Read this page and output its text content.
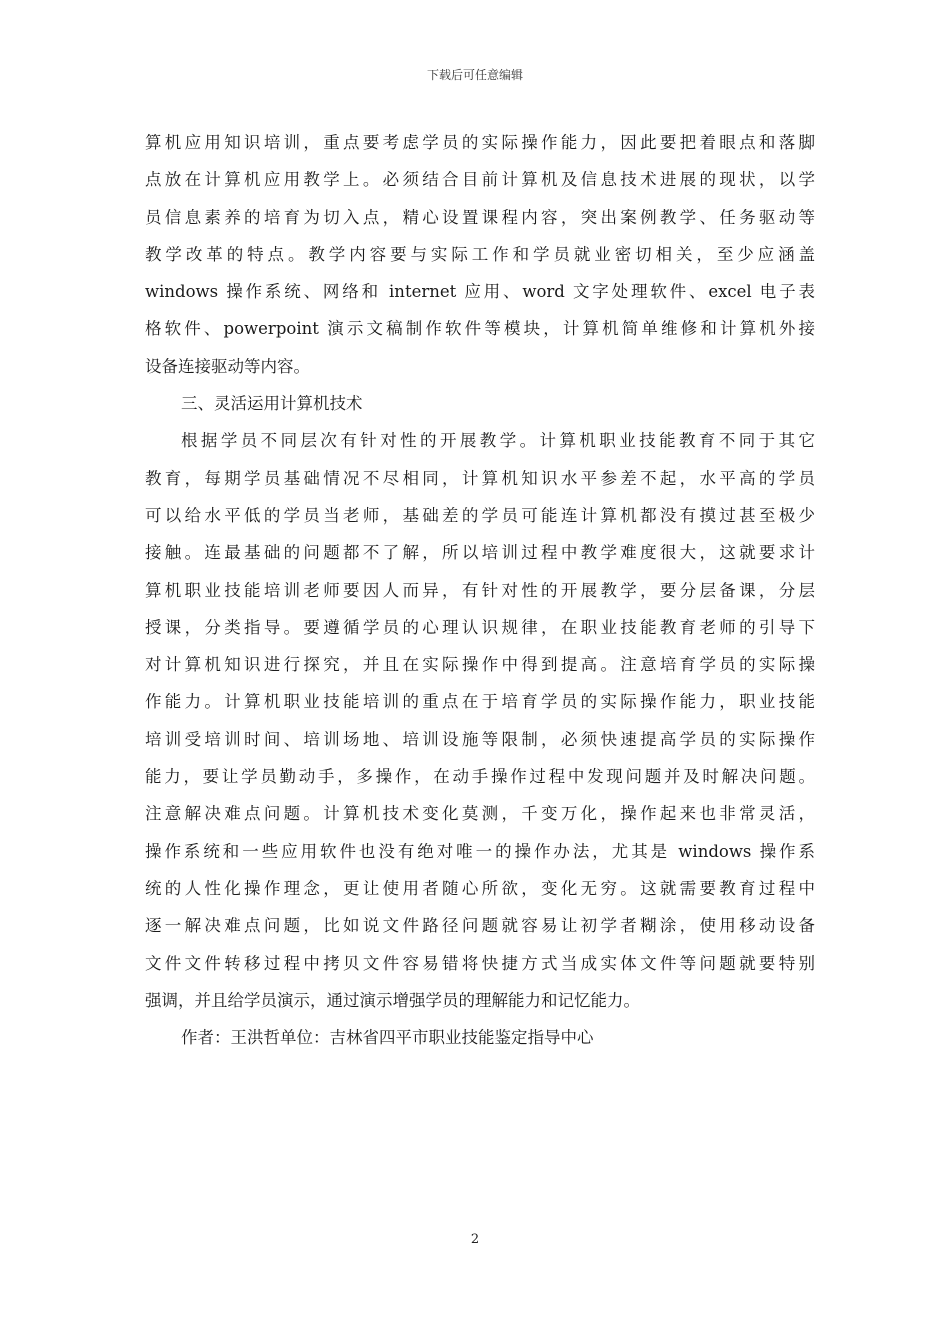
下载后可任意编辑
算机应用知识培训，重点要考虑学员的实际操作能力，因此要把着眼点和落脚
点放在计算机应用教学上。必须结合目前计算机及信息技术进展的现状，以学
员信息素养的培育为切入点，精心设置课程内容，突出案例教学、任务驱动等
教学改革的特点。教学内容要与实际工作和学员就业密切相关，至少应涵盖
windows 操作系统、网络和 internet 应用、word 文字处理软件、excel 电子表
格软件、powerpoint 演示文稿制作软件等模块，计算机简单维修和计算机外接
设备连接驱动等内容。
三、灵活运用计算机技术
根据学员不同层次有针对性的开展教学。计算机职业技能教育不同于其它
教育，每期学员基础情况不尽相同，计算机知识水平参差不起，水平高的学员
可以给水平低的学员当老师，基础差的学员可能连计算机都没有摸过甚至极少
接触。连最基础的问题都不了解，所以培训过程中教学难度很大，这就要求计
算机职业技能培训老师要因人而异，有针对性的开展教学，要分层备课，分层
授课，分类指导。要遵循学员的心理认识规律，在职业技能教育老师的引导下
对计算机知识进行探究，并且在实际操作中得到提高。注意培育学员的实际操
作能力。计算机职业技能培训的重点在于培育学员的实际操作能力，职业技能
培训受培训时间、培训场地、培训设施等限制，必须快速提高学员的实际操作
能力，要让学员勤动手，多操作，在动手操作过程中发现问题并及时解决问题。
注意解决难点问题。计算机技术变化莫测，千变万化，操作起来也非常灵活，
操作系统和一些应用软件也没有绝对唯一的操作办法，尤其是 windows 操作系
统的人性化操作理念，更让使用者随心所欲，变化无穷。这就需要教育过程中
逐一解决难点问题，比如说文件路径问题就容易让初学者糊涂，使用移动设备
文件文件转移过程中拷贝文件容易错将快捷方式当成实体文件等问题就要特别
强调，并且给学员演示，通过演示增强学员的理解能力和记忆能力。
作者：王洪哲单位：吉林省四平市职业技能鉴定指导中心
2
